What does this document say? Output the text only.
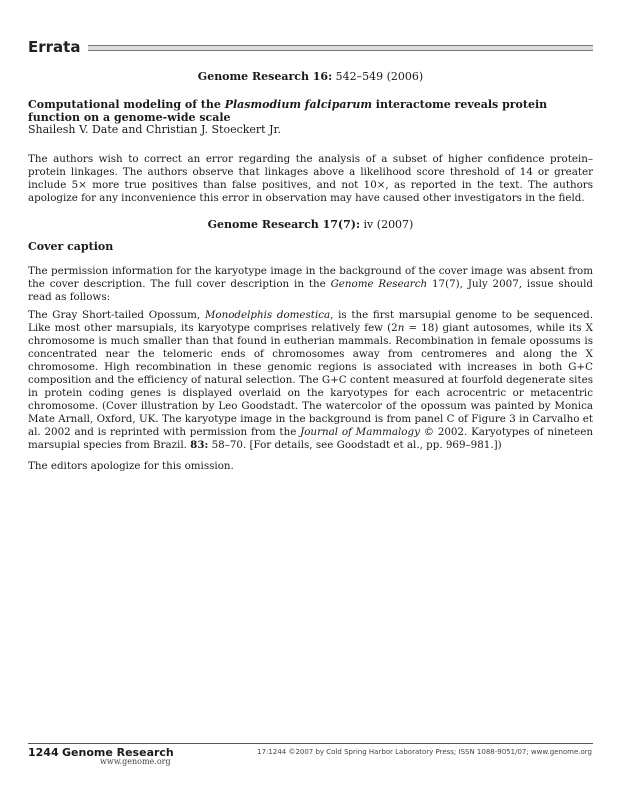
Errata
Genome Research 16: 542–549 (2006)
Computational modeling of the Plasmodium falciparum interactome reveals protein function on a genome-wide scale
Shailesh V. Date and Christian J. Stoeckert Jr.
The authors wish to correct an error regarding the analysis of a subset of higher confidence protein–protein linkages. The authors observe that linkages above a likelihood score threshold of 14 or greater include 5× more true positives than false positives, and not 10×, as reported in the text. The authors apologize for any inconvenience this error in observation may have caused other investigators in the field.
Genome Research 17(7): iv (2007)
Cover caption
The permission information for the karyotype image in the background of the cover image was absent from the cover description. The full cover description in the Genome Research 17(7), July 2007, issue should read as follows:
The Gray Short-tailed Opossum, Monodelphis domestica, is the first marsupial genome to be sequenced. Like most other marsupials, its karyotype comprises relatively few (2n = 18) giant autosomes, while its X chromosome is much smaller than that found in eutherian mammals. Recombination in female opossums is concentrated near the telomeric ends of chromosomes away from centromeres and along the X chromosome. High recombination in these genomic regions is associated with increases in both G+C composition and the efficiency of natural selection. The G+C content measured at fourfold degenerate sites in protein coding genes is displayed overlaid on the karyotypes for each acrocentric or metacentric chromosome. (Cover illustration by Leo Goodstadt. The watercolor of the opossum was painted by Monica Mate Arnall, Oxford, UK. The karyotype image in the background is from panel C of Figure 3 in Carvalho et al. 2002 and is reprinted with permission from the Journal of Mammalogy © 2002. Karyotypes of nineteen marsupial species from Brazil. 83: 58–70. [For details, see Goodstadt et al., pp. 969–981.])
The editors apologize for this omission.
1244 Genome Research
www.genome.org
17:1244 ©2007 by Cold Spring Harbor Laboratory Press; ISSN 1088-9051/07; www.genome.org
